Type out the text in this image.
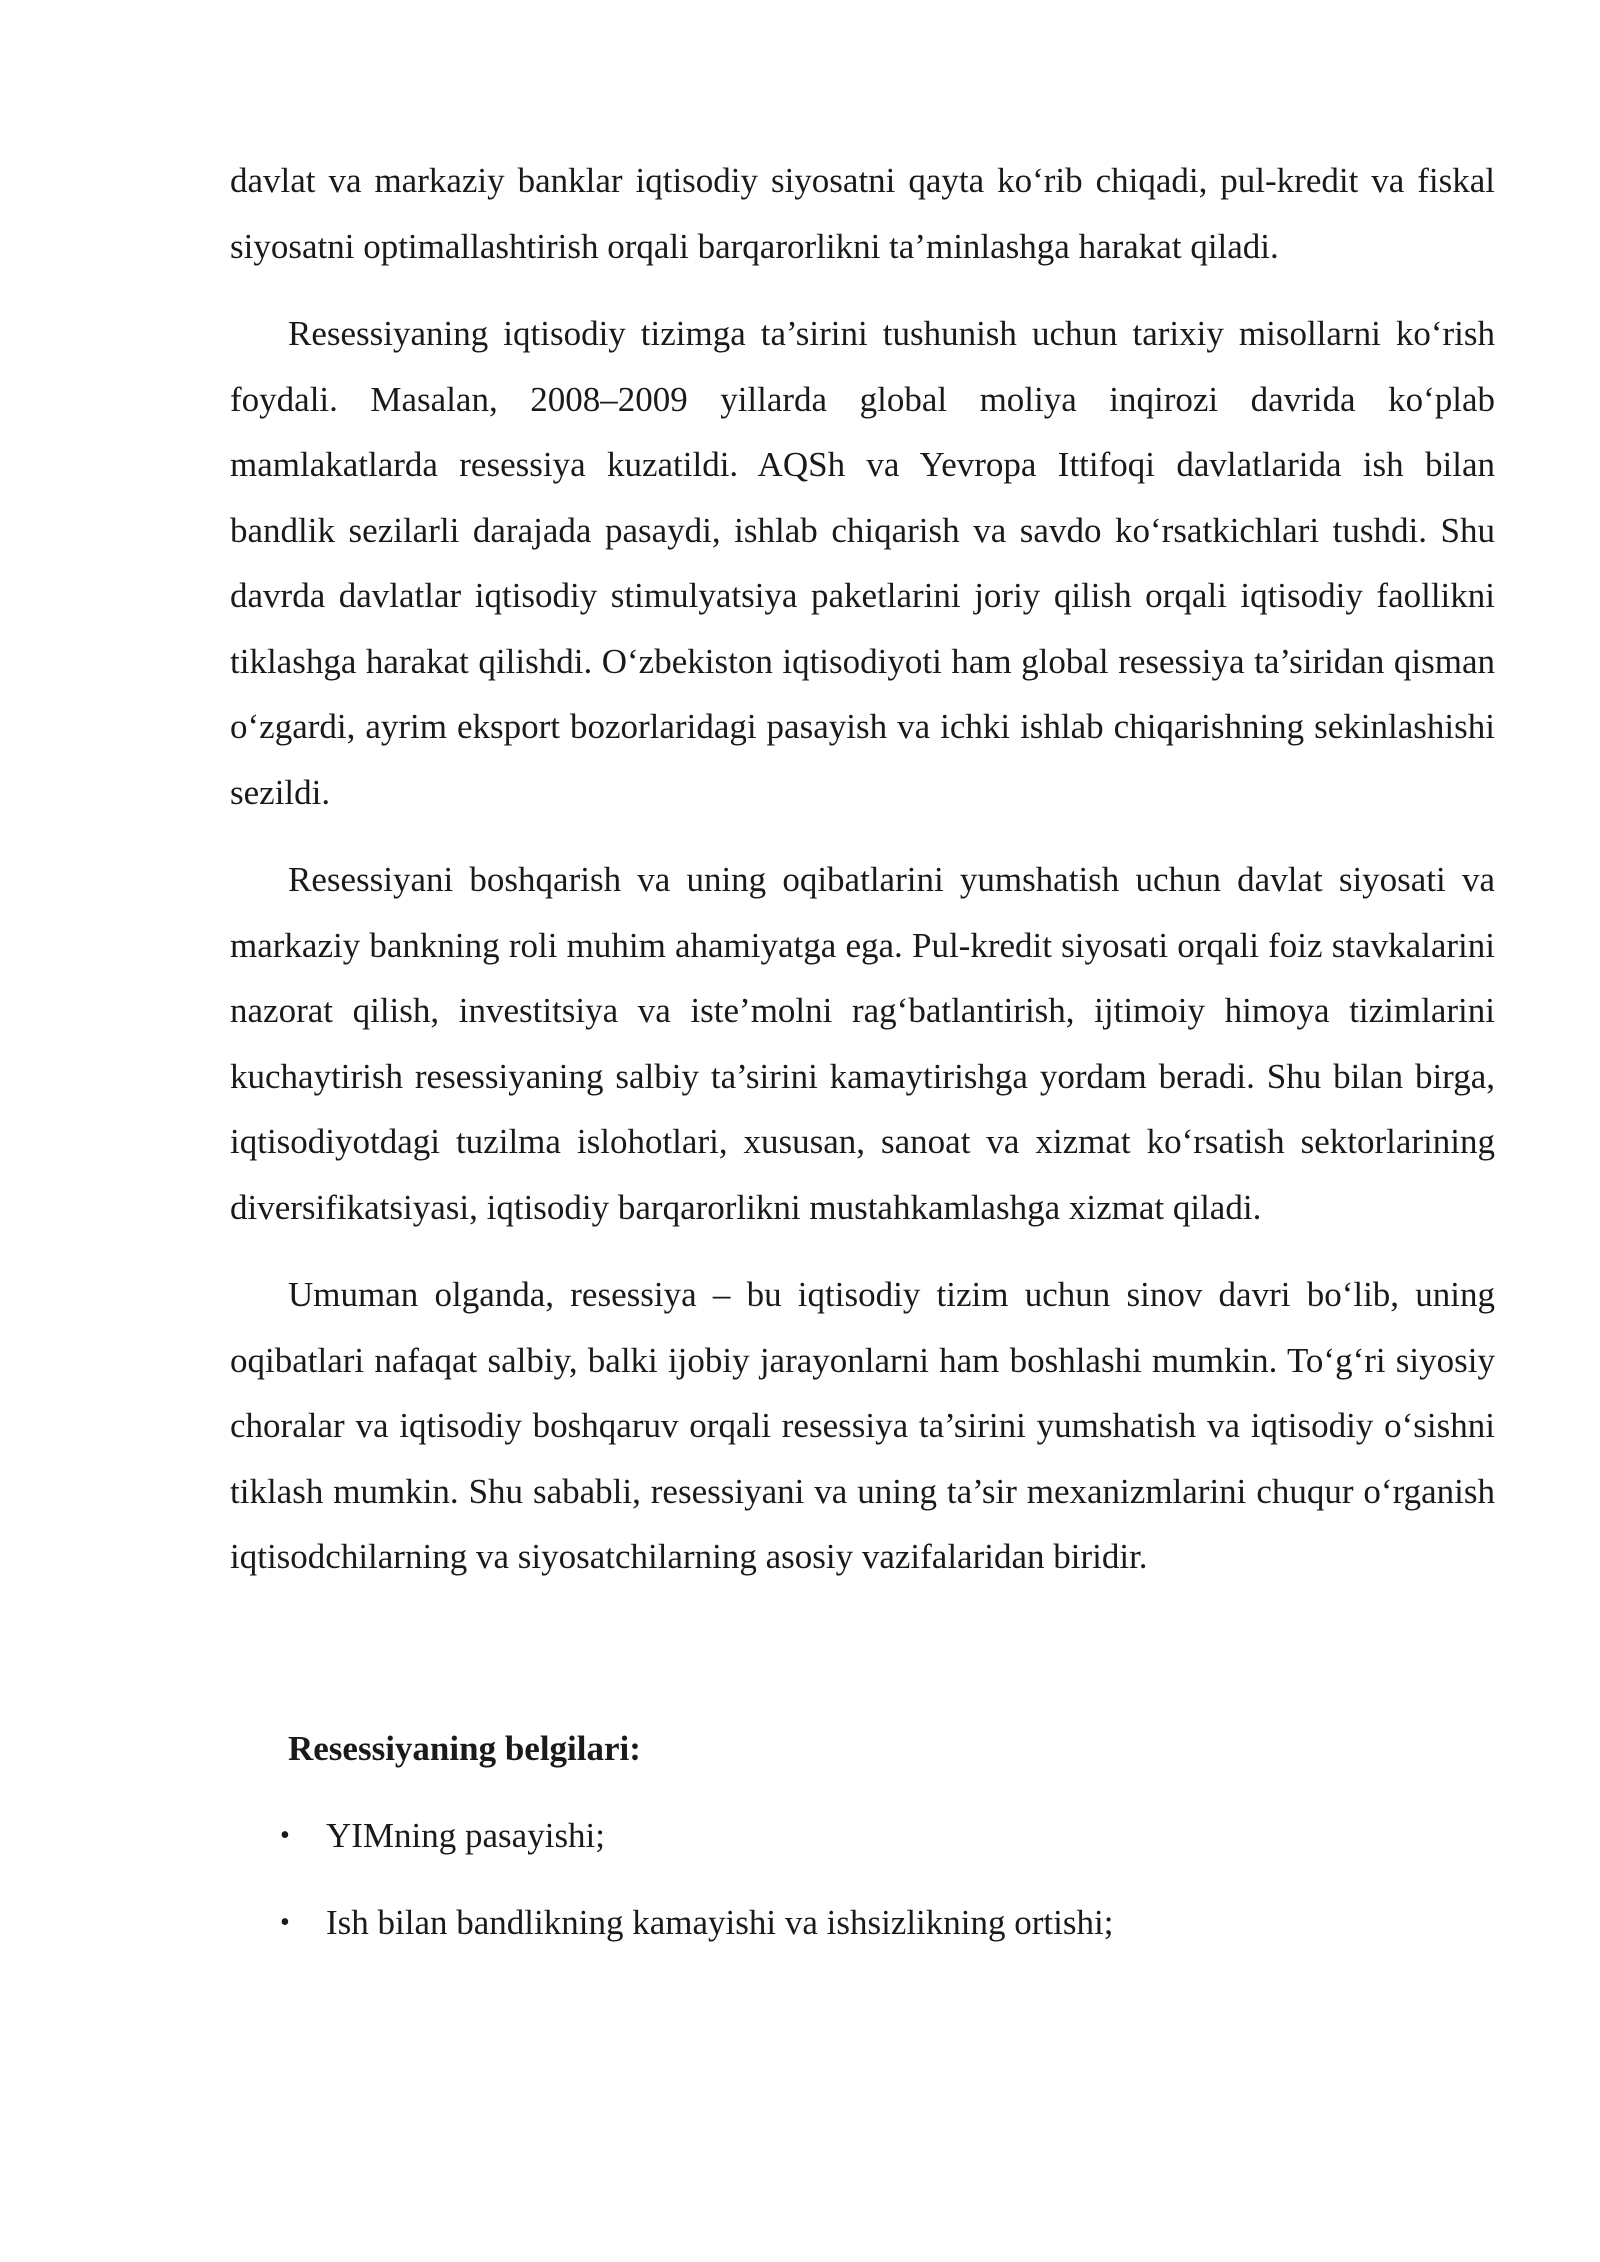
davlat va markaziy banklar iqtisodiy siyosatni qayta ko‘rib chiqadi, pul-kredit va fiskal siyosatni optimallashtirish orqali barqarorlikni ta’minlashga harakat qiladi.

Resessiyaning iqtisodiy tizimga ta’sirini tushunish uchun tarixiy misollarni ko‘rish foydali. Masalan, 2008–2009 yillarda global moliya inqirozi davrida ko‘plab mamlakatlarda resessiya kuzatildi. AQSh va Yevropa Ittifoqi davlatlarida ish bilan bandlik sezilarli darajada pasaydi, ishlab chiqarish va savdo ko‘rsatkichlari tushdi. Shu davrda davlatlar iqtisodiy stimulyatsiya paketlarini joriy qilish orqali iqtisodiy faollikni tiklashga harakat qilishdi. O‘zbekiston iqtisodiyoti ham global resessiya ta’siridan qisman o‘zgardi, ayrim eksport bozorlaridagi pasayish va ichki ishlab chiqarishning sekinlashishi sezildi.

Resessiyani boshqarish va uning oqibatlarini yumshatish uchun davlat siyosati va markaziy bankning roli muhim ahamiyatga ega. Pul-kredit siyosati orqali foiz stavkalarini nazorat qilish, investitsiya va iste’molni rag‘batlantirish, ijtimoiy himoya tizimlarini kuchaytirish resessiyaning salbiy ta’sirini kamaytirishga yordam beradi. Shu bilan birga, iqtisodiyotdagi tuzilma islohotlari, xususan, sanoat va xizmat ko‘rsatish sektorlarining diversifikatsiyasi, iqtisodiy barqarorlikni mustahkamlashga xizmat qiladi.

Umuman olganda, resessiya – bu iqtisodiy tizim uchun sinov davri bo‘lib, uning oqibatlari nafaqat salbiy, balki ijobiy jarayonlarni ham boshlashi mumkin. To‘g‘ri siyosiy choralar va iqtisodiy boshqaruv orqali resessiya ta’sirini yumshatish va iqtisodiy o‘sishni tiklash mumkin. Shu sababli, resessiyani va uning ta’sir mexanizmlarini chuqur o‘rganish iqtisodchilarning va siyosatchilarning asosiy vazifalaridan biridir.

Resessiyaning belgilari:
• YIMning pasayishi;
• Ish bilan bandlikning kamayishi va ishsizlikning ortishi;
